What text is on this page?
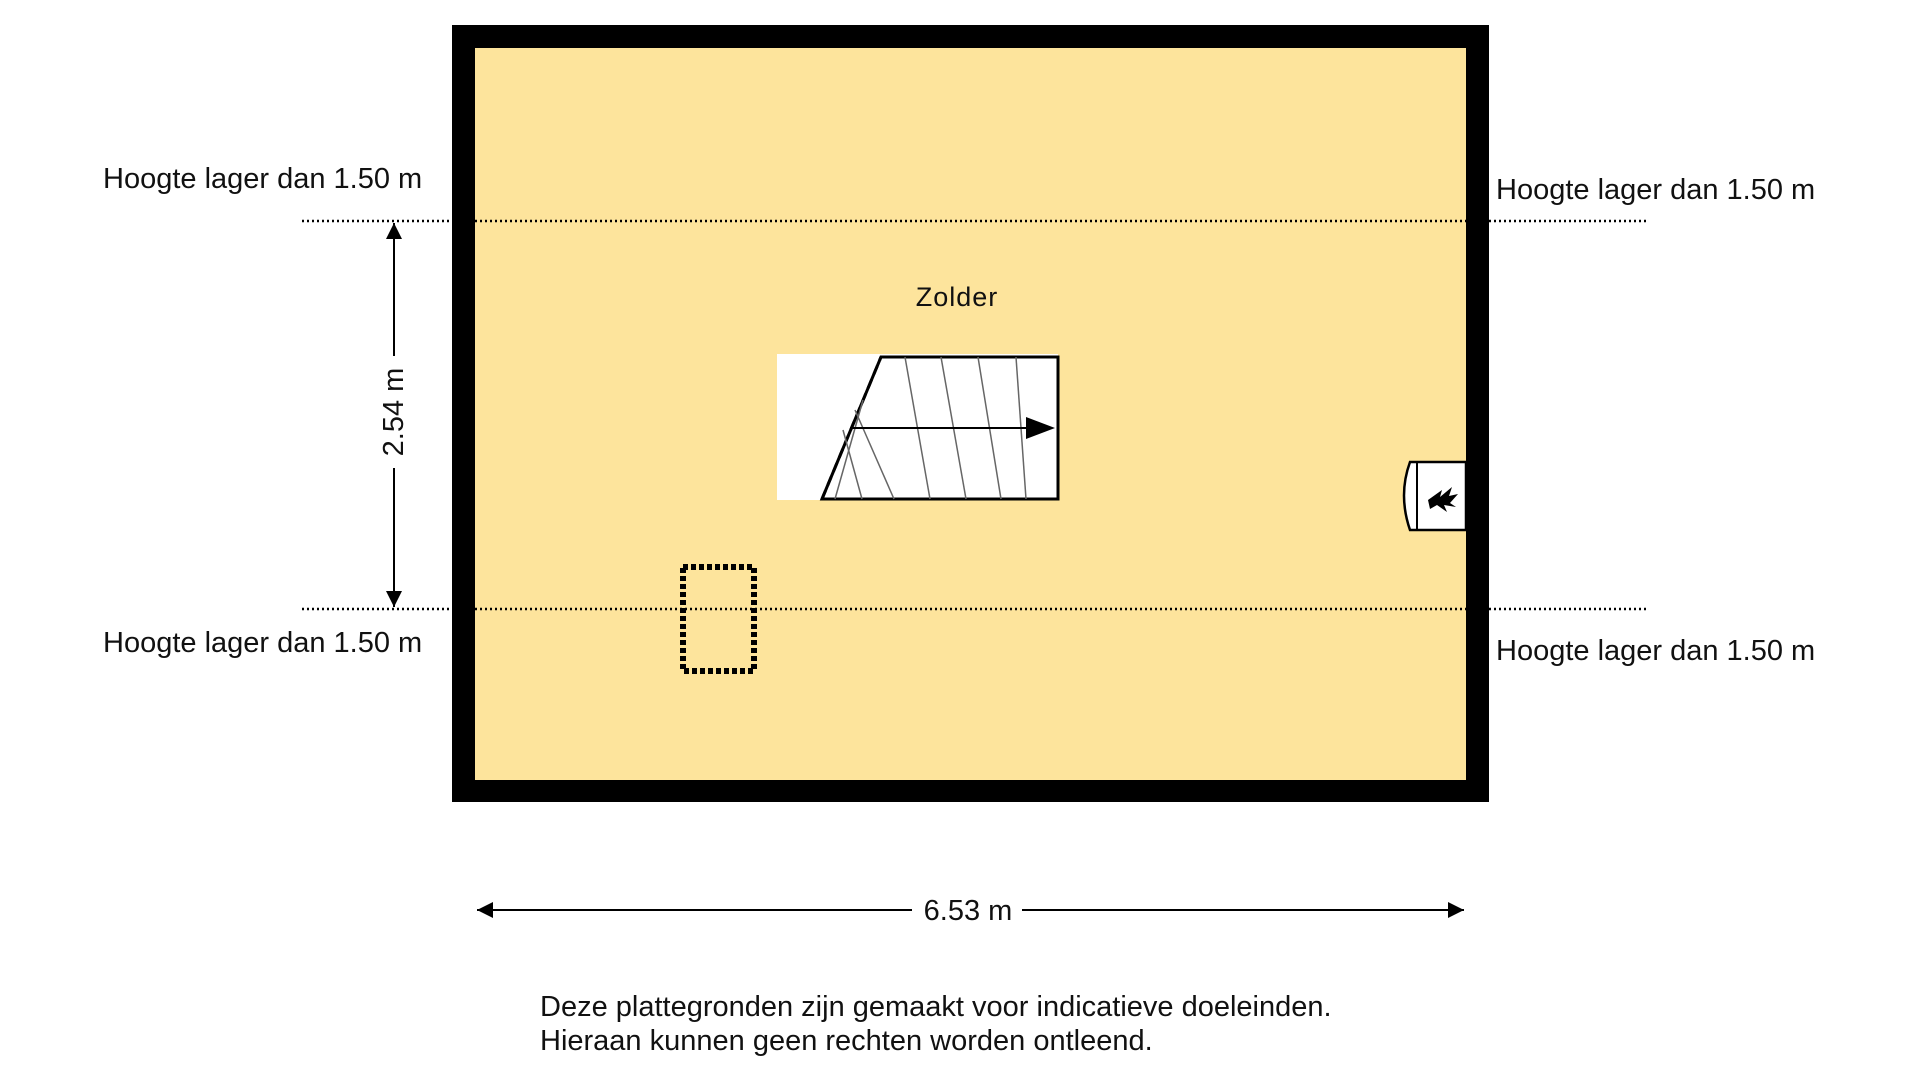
Hoogte lager dan 1.50 m	Hoogte lager dan 1.50 m
Hoogte lager dan 1.50 m	Hoogte lager dan 1.50 m
Zolder
2.54 m
6.53 m
Deze plattegronden zijn gemaakt voor indicatieve doeleinden.
Hieraan kunnen geen rechten worden ontleend.
